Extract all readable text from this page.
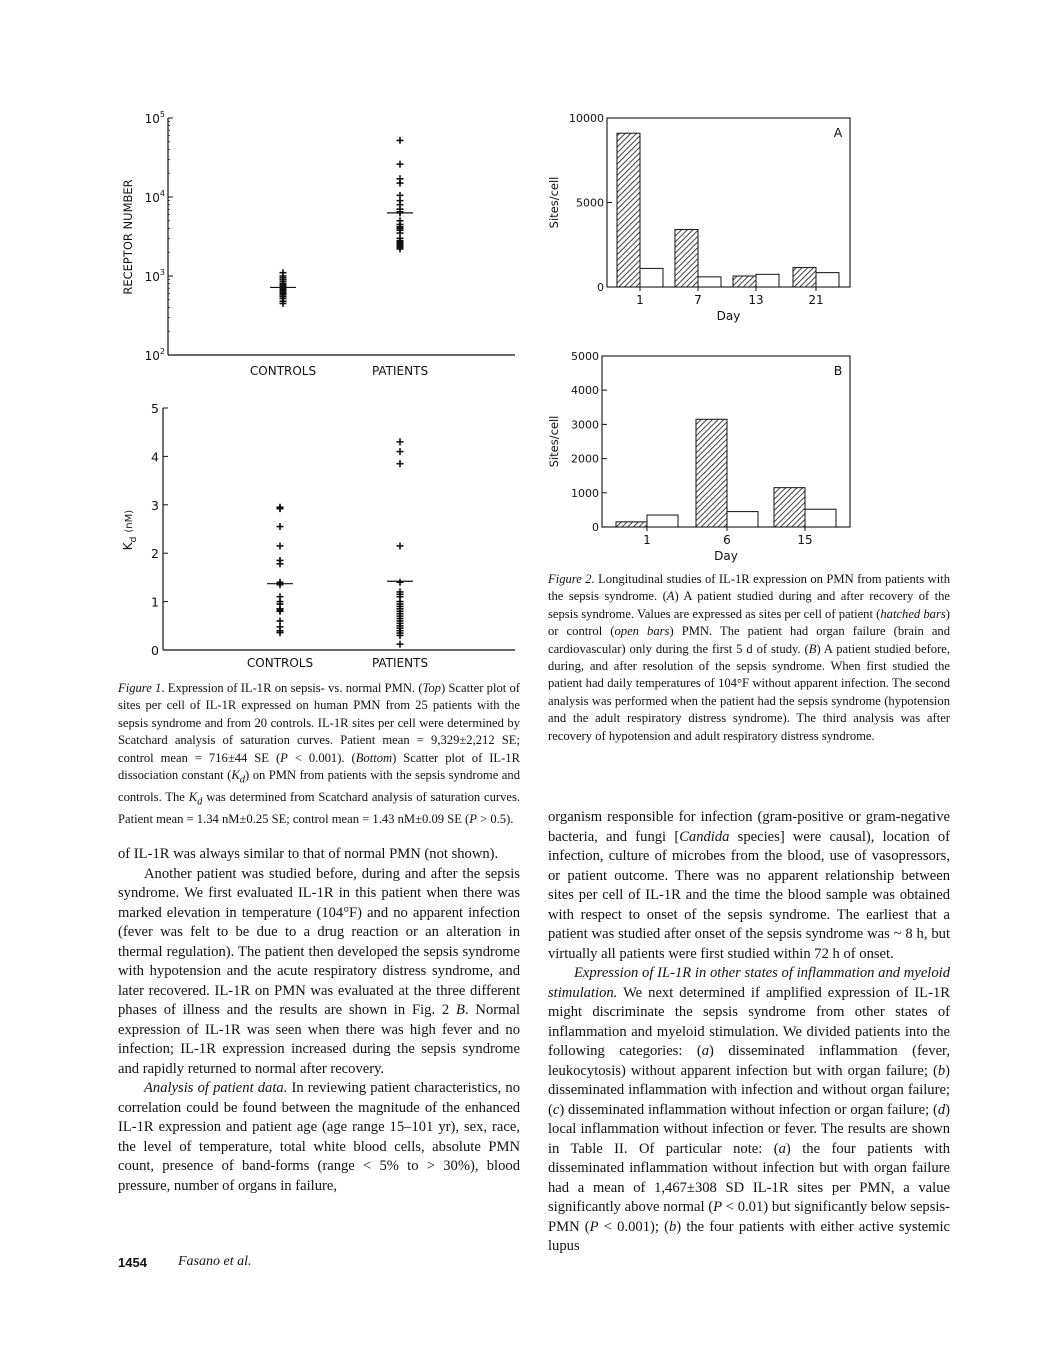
$10^2$
$10^3$
$10^4$
$10^5$
RECEPTOR NUMBER
CONTROLS	PATIENTS
0
1
2
3
4
5
$K_d^{(nM)}$
CONTROLS	PATIENTS
0
5000
10000
1	7	13	21
A
Day
Sites/cell
0
1000
2000
3000
4000
5000
1	6	15
B
Day
Sites/cell
Figure 1. Expression of IL-1R on sepsis- vs. normal PMN. (Top) Scatter plot of sites per cell of IL-1R expressed on human PMN from 25 patients with the sepsis syndrome and from 20 controls. IL-1R sites per cell were determined by Scatchard analysis of saturation curves. Patient mean = 9,329±2,212 SE; control mean = 716±44 SE (P < 0.001). (Bottom) Scatter plot of IL-1R dissociation constant $(K_d)$ on PMN from patients with the sepsis syndrome and controls. The $K_d$ was determined from Scatchard analysis of saturation curves. Patient mean = 1.34 nM±0.25 SE; control mean = 1.43 nM±0.09 SE (P > 0.5).
Figure 2. Longitudinal studies of IL-1R expression on PMN from patients with the sepsis syndrome. (A) A patient studied during and after recovery of the sepsis syndrome. Values are expressed as sites per cell of patient (hatched bars) or control (open bars) PMN. The patient had organ failure (brain and cardiovascular) only during the first 5 d of study. (B) A patient studied before, during, and after resolution of the sepsis syndrome. When first studied the patient had daily temperatures of 104°F without apparent infection. The second analysis was performed when the patient had the sepsis syndrome (hypotension and the adult respiratory distress syndrome). The third analysis was after recovery of hypotension and adult respiratory distress syndrome.

of IL-1R was always similar to that of normal PMN (not shown).

Another patient was studied before, during and after the sepsis syndrome. We first evaluated IL-1R in this patient when there was marked elevation in temperature (104°F) and no apparent infection (fever was felt to be due to a drug reaction or an alteration in thermal regulation). The patient then developed the sepsis syndrome with hypotension and the acute respiratory distress syndrome, and later recovered. IL-1R on PMN was evaluated at the three different phases of illness and the results are shown in Fig. 2 B. Normal expression of IL-1R was seen when there was high fever and no infection; IL-1R expression increased during the sepsis syndrome and rapidly returned to normal after recovery.

Analysis of patient data. In reviewing patient characteristics, no correlation could be found between the magnitude of the enhanced IL-1R expression and patient age (age range 15–101 yr), sex, race, the level of temperature, total white blood cells, absolute PMN count, presence of band-forms (range < 5% to > 30%), blood pressure, number of organs in failure,

organism responsible for infection (gram-positive or gram-negative bacteria, and fungi [Candida species] were causal), location of infection, culture of microbes from the blood, use of vasopressors, or patient outcome. There was no apparent relationship between sites per cell of IL-1R and the time the blood sample was obtained with respect to onset of the sepsis syndrome. The earliest that a patient was studied after onset of the sepsis syndrome was ~ 8 h, but virtually all patients were first studied within 72 h of onset.

Expression of IL-1R in other states of inflammation and myeloid stimulation. We next determined if amplified expression of IL-1R might discriminate the sepsis syndrome from other states of inflammation and myeloid stimulation. We divided patients into the following categories: (a) disseminated inflammation (fever, leukocytosis) without apparent infection but with organ failure; (b) disseminated inflammation with infection and without organ failure; (c) disseminated inflammation without infection or organ failure; (d) local inflammation without infection or fever. The results are shown in Table II. Of particular note: (a) the four patients with disseminated inflammation without infection but with organ failure had a mean of 1,467±308 SD IL-1R sites per PMN, a value significantly above normal (P < 0.01) but significantly below sepsis-PMN (P < 0.001); (b) the four patients with either active systemic lupus

1454 Fasano et al.
